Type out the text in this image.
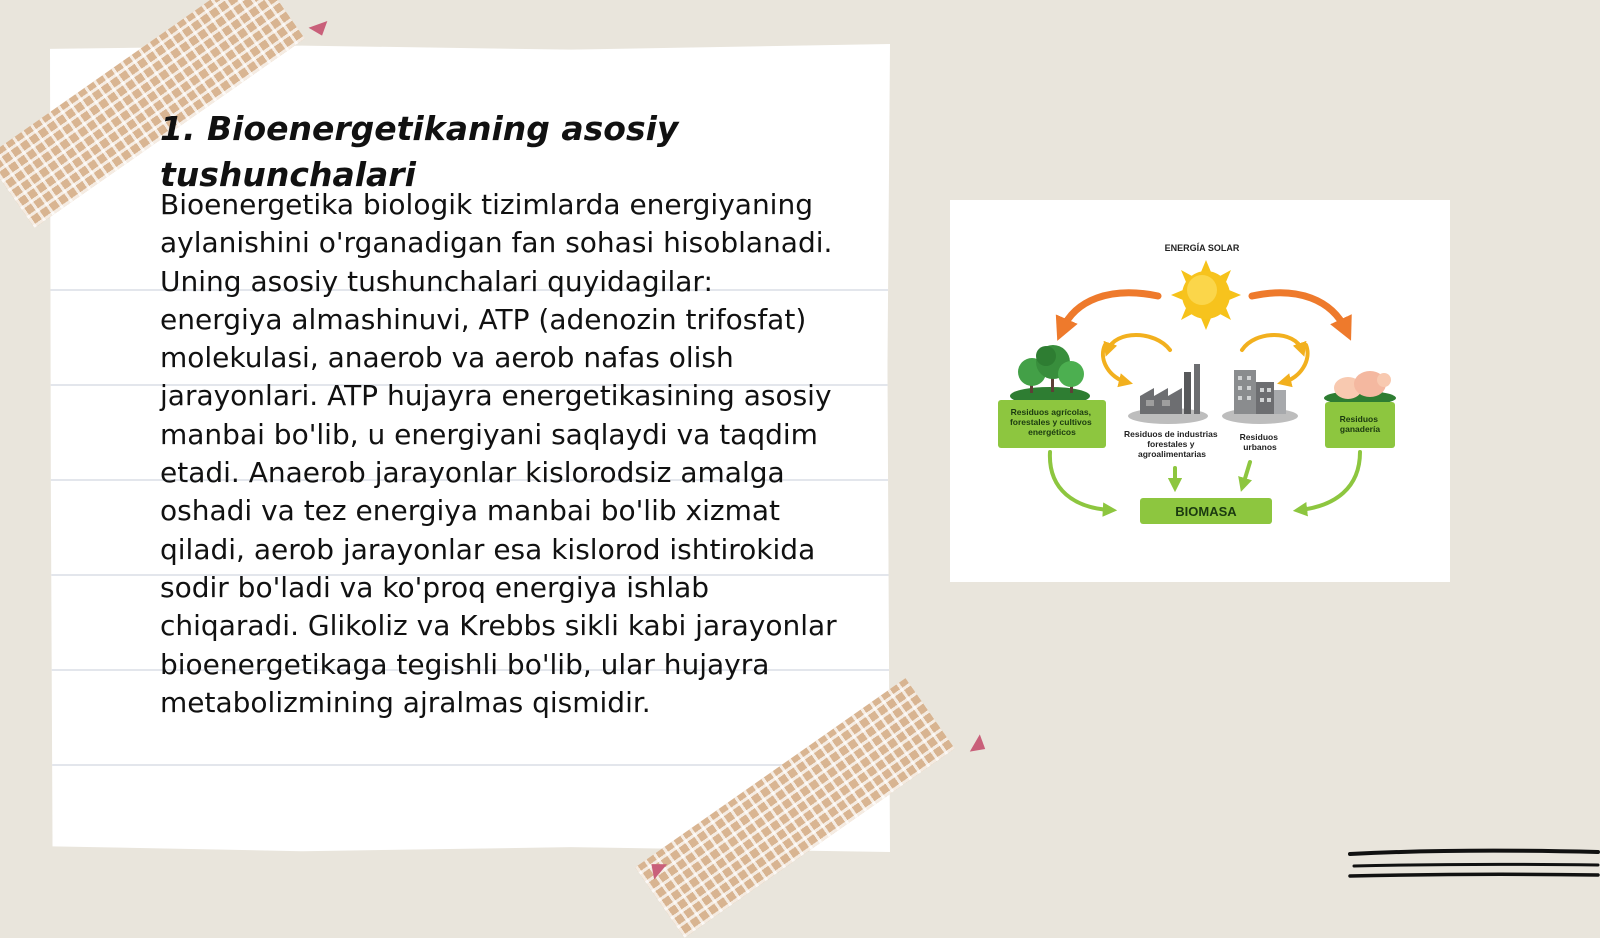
1. Bioenergetikaning asosiy tushunchalari

Bioenergetika biologik tizimlarda energiyaning aylanishini o'rganadigan fan sohasi hisoblanadi. Uning asosiy tushunchalari quyidagilar: energiya almashinuvi, ATP (adenozin trifosfat) molekulasi, anaerob va aerob nafas olish jarayonlari. ATP hujayra energetikasining asosiy manbai bo'lib, u energiyani saqlaydi va taqdim etadi. Anaerob jarayonlar kislorodsiz amalga oshadi va tez energiya manbai bo'lib xizmat qiladi, aerob jarayonlar esa kislorod ishtirokida sodir bo'ladi va ko'proq energiya ishlab chiqaradi. Glikoliz va Krebbs sikli kabi jarayonlar bioenergetikaga tegishli bo'lib, ular hujayra metabolizmining ajralmas qismidir.

ENERGÍA SOLAR
Residuos agrícolas, forestales y cultivos energéticos	Residuos de industrias forestales y agroalimentarias
Residuos urbanos
Residuos ganadería
BIOMASA
